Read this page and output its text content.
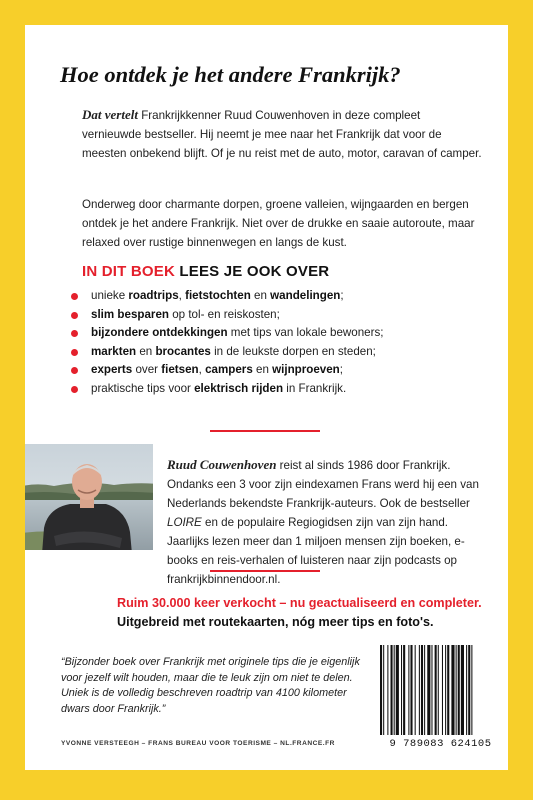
Hoe ontdek je het andere Frankrijk?
Dat vertelt Frankrijkkenner Ruud Couwenhoven in deze compleet vernieuwde bestseller. Hij neemt je mee naar het Frankrijk dat voor de meesten onbekend blijft. Of je nu reist met de auto, motor, caravan of camper.
Onderweg door charmante dorpen, groene valleien, wijngaarden en bergen ontdek je het andere Frankrijk. Niet over de drukke en saaie autoroute, maar relaxed over rustige binnenwegen en langs de kust.
IN DIT BOEK LEES JE OOK OVER
unieke roadtrips, fietstochten en wandelingen;
slim besparen op tol- en reiskosten;
bijzondere ontdekkingen met tips van lokale bewoners;
markten en brocantes in de leukste dorpen en steden;
experts over fietsen, campers en wijnproeven;
praktische tips voor elektrisch rijden in Frankrijk.
Ruud Couwenhoven reist al sinds 1986 door Frankrijk. Ondanks een 3 voor zijn eindexamen Frans werd hij een van Nederlands bekendste Frankrijk-auteurs. Ook de bestseller LOIRE en de populaire Regiogidsen zijn van zijn hand. Jaarlijks lezen meer dan 1 miljoen mensen zijn boeken, e-books en reis-verhalen of luisteren naar zijn podcasts op frankrijkbinnendoor.nl.
Ruim 30.000 keer verkocht – nu geactualiseerd en completer.
Uitgebreid met routekaarten, nóg meer tips en foto's.
“Bijzonder boek over Frankrijk met originele tips die je eigenlijk voor jezelf wilt houden, maar die te leuk zijn om niet te delen. Uniek is de volledig beschreven roadtrip van 4100 kilometer dwars door Frankrijk.”
YVONNE VERSTEEGH – FRANS BUREAU VOOR TOERISME – NL.FRANCE.FR	9 789083 624105
